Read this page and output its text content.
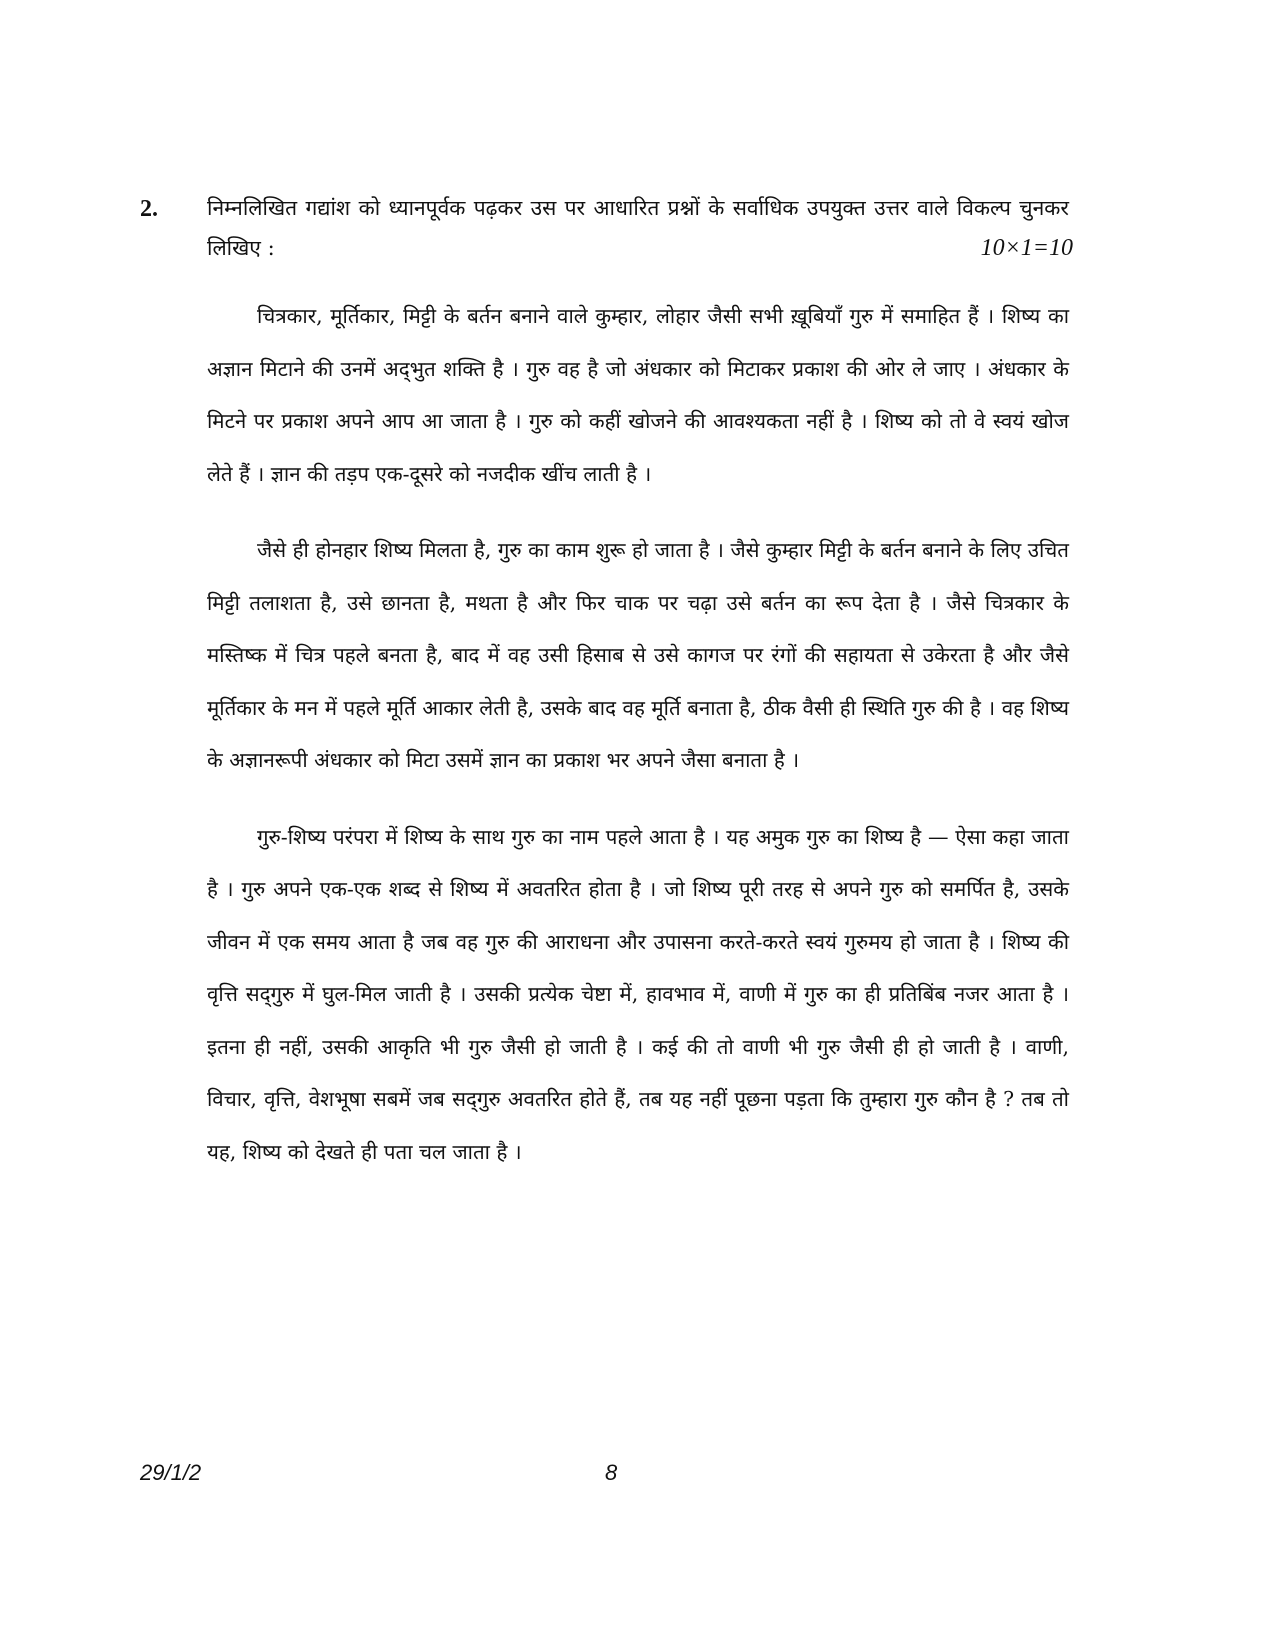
2. निम्नलिखित गद्यांश को ध्यानपूर्वक पढ़कर उस पर आधारित प्रश्नों के सर्वाधिक उपयुक्त उत्तर वाले विकल्प चुनकर लिखिए :	10×1=10

चित्रकार, मूर्तिकार, मिट्टी के बर्तन बनाने वाले कुम्हार, लोहार जैसी सभी ख़ूबियाँ गुरु में समाहित हैं । शिष्य का अज्ञान मिटाने की उनमें अद्‌भुत शक्ति है । गुरु वह है जो अंधकार को मिटाकर प्रकाश की ओर ले जाए । अंधकार के मिटने पर प्रकाश अपने आप आ जाता है । गुरु को कहीं खोजने की आवश्यकता नहीं है । शिष्य को तो वे स्वयं खोज लेते हैं । ज्ञान की तड़प एक-दूसरे को नजदीक खींच लाती है ।

जैसे ही होनहार शिष्य मिलता है, गुरु का काम शुरू हो जाता है । जैसे कुम्हार मिट्टी के बर्तन बनाने के लिए उचित मिट्टी तलाशता है, उसे छानता है, मथता है और फिर चाक पर चढ़ा उसे बर्तन का रूप देता है । जैसे चित्रकार के मस्तिष्क में चित्र पहले बनता है, बाद में वह उसी हिसाब से उसे कागज पर रंगों की सहायता से उकेरता है और जैसे मूर्तिकार के मन में पहले मूर्ति आकार लेती है, उसके बाद वह मूर्ति बनाता है, ठीक वैसी ही स्थिति गुरु की है । वह शिष्य के अज्ञानरूपी अंधकार को मिटा उसमें ज्ञान का प्रकाश भर अपने जैसा बनाता है ।

गुरु-शिष्य परंपरा में शिष्य के साथ गुरु का नाम पहले आता है । यह अमुक गुरु का शिष्य है — ऐसा कहा जाता है । गुरु अपने एक-एक शब्द से शिष्य में अवतरित होता है । जो शिष्य पूरी तरह से अपने गुरु को समर्पित है, उसके जीवन में एक समय आता है जब वह गुरु की आराधना और उपासना करते-करते स्वयं गुरुमय हो जाता है । शिष्य की वृत्ति सद्‌गुरु में घुल-मिल जाती है । उसकी प्रत्येक चेष्टा में, हावभाव में, वाणी में गुरु का ही प्रतिबिंब नजर आता है । इतना ही नहीं, उसकी आकृति भी गुरु जैसी हो जाती है । कई की तो वाणी भी गुरु जैसी ही हो जाती है । वाणी, विचार, वृत्ति, वेशभूषा सबमें जब सद्‌गुरु अवतरित होते हैं, तब यह नहीं पूछना पड़ता कि तुम्हारा गुरु कौन है ? तब तो यह, शिष्य को देखते ही पता चल जाता है ।

29/1/2	8
